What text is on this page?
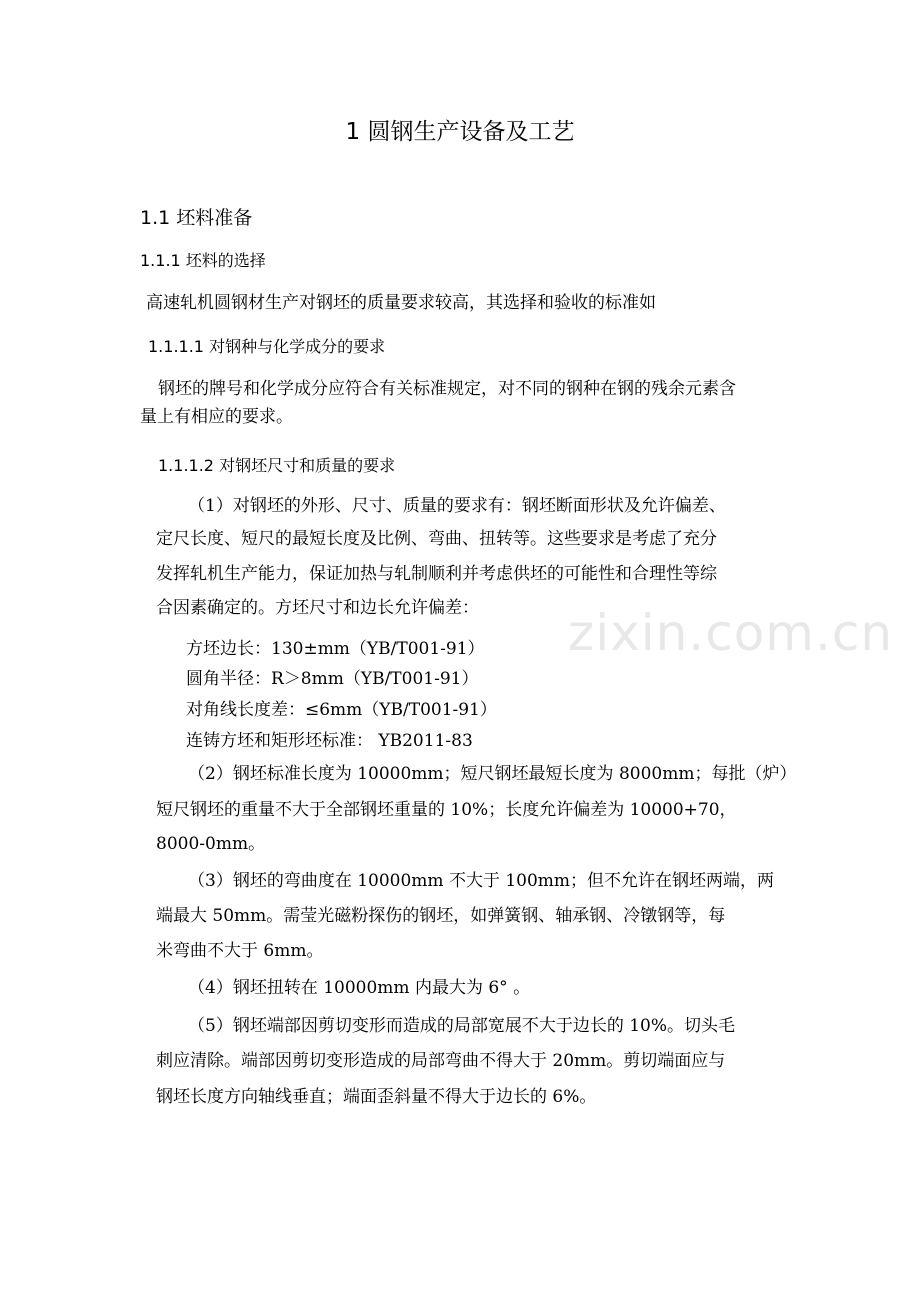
zixin.com.cn
1 圆钢生产设备及工艺
1.1 坯料准备
1.1.1 坯料的选择
高速轧机圆钢材生产对钢坯的质量要求较高，其选择和验收的标准如
1.1.1.1 对钢种与化学成分的要求
钢坯的牌号和化学成分应符合有关标准规定，对不同的钢种在钢的残余元素含
量上有相应的要求。
1.1.1.2 对钢坯尺寸和质量的要求
（1）对钢坯的外形、尺寸、质量的要求有：钢坯断面形状及允许偏差、
定尺长度、短尺的最短长度及比例、弯曲、扭转等。这些要求是考虑了充分
发挥轧机生产能力，保证加热与轧制顺利并考虑供坯的可能性和合理性等综
合因素确定的。方坯尺寸和边长允许偏差：
方坯边长：130±mm（YB/T001-91）
圆角半径：R＞8mm（YB/T001-91）
对角线长度差：≤6mm（YB/T001-91）
连铸方坯和矩形坯标准： YB2011-83
（2）钢坯标准长度为 10000mm；短尺钢坯最短长度为 8000mm；每批（炉）
短尺钢坯的重量不大于全部钢坯重量的 10%；长度允许偏差为 10000+70，
8000-0mm。
（3）钢坯的弯曲度在 10000mm 不大于 100mm；但不允许在钢坯两端，两
端最大 50mm。需莹光磁粉探伤的钢坯，如弹簧钢、轴承钢、冷镦钢等，每
米弯曲不大于 6mm。
（4）钢坯扭转在 10000mm 内最大为 6° 。
（5）钢坯端部因剪切变形而造成的局部宽展不大于边长的 10%。切头毛
刺应清除。端部因剪切变形造成的局部弯曲不得大于 20mm。剪切端面应与
钢坯长度方向轴线垂直；端面歪斜量不得大于边长的 6%。
